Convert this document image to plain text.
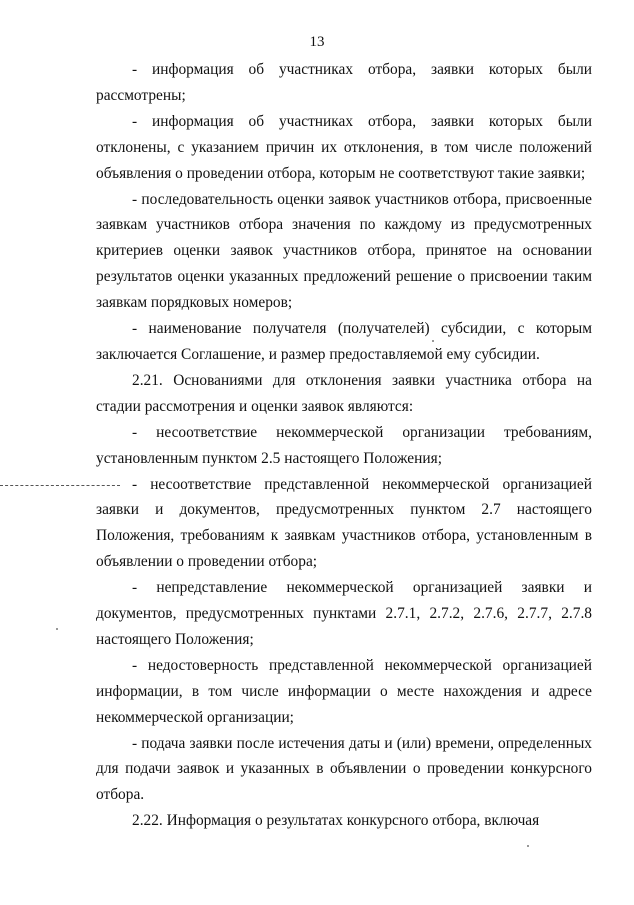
13

- информация об участниках отбора, заявки которых были рассмотрены;

- информация об участниках отбора, заявки которых были отклонены, с указанием причин их отклонения, в том числе положений объявления о проведении отбора, которым не соответствуют такие заявки;

- последовательность оценки заявок участников отбора, присвоенные заявкам участников отбора значения по каждому из предусмотренных критериев оценки заявок участников отбора, принятое на основании результатов оценки указанных предложений решение о присвоении таким заявкам порядковых номеров;

- наименование получателя (получателей) субсидии, с которым заключается Соглашение, и размер предоставляемой ему субсидии.

2.21. Основаниями для отклонения заявки участника отбора на стадии рассмотрения и оценки заявок являются:

- несоответствие некоммерческой организации требованиям, установленным пунктом 2.5 настоящего Положения;

- несоответствие представленной некоммерческой организацией заявки и документов, предусмотренных пунктом 2.7 настоящего Положения, требованиям к заявкам участников отбора, установленным в объявлении о проведении отбора;

- непредставление некоммерческой организацией заявки и документов, предусмотренных пунктами 2.7.1, 2.7.2, 2.7.6, 2.7.7, 2.7.8 настоящего Положения;

- недостоверность представленной некоммерческой организацией информации, в том числе информации о месте нахождения и адресе некоммерческой организации;

- подача заявки после истечения даты и (или) времени, определенных для подачи заявок и указанных в объявлении о проведении конкурсного отбора.

2.22. Информация о результатах конкурсного отбора, включая
